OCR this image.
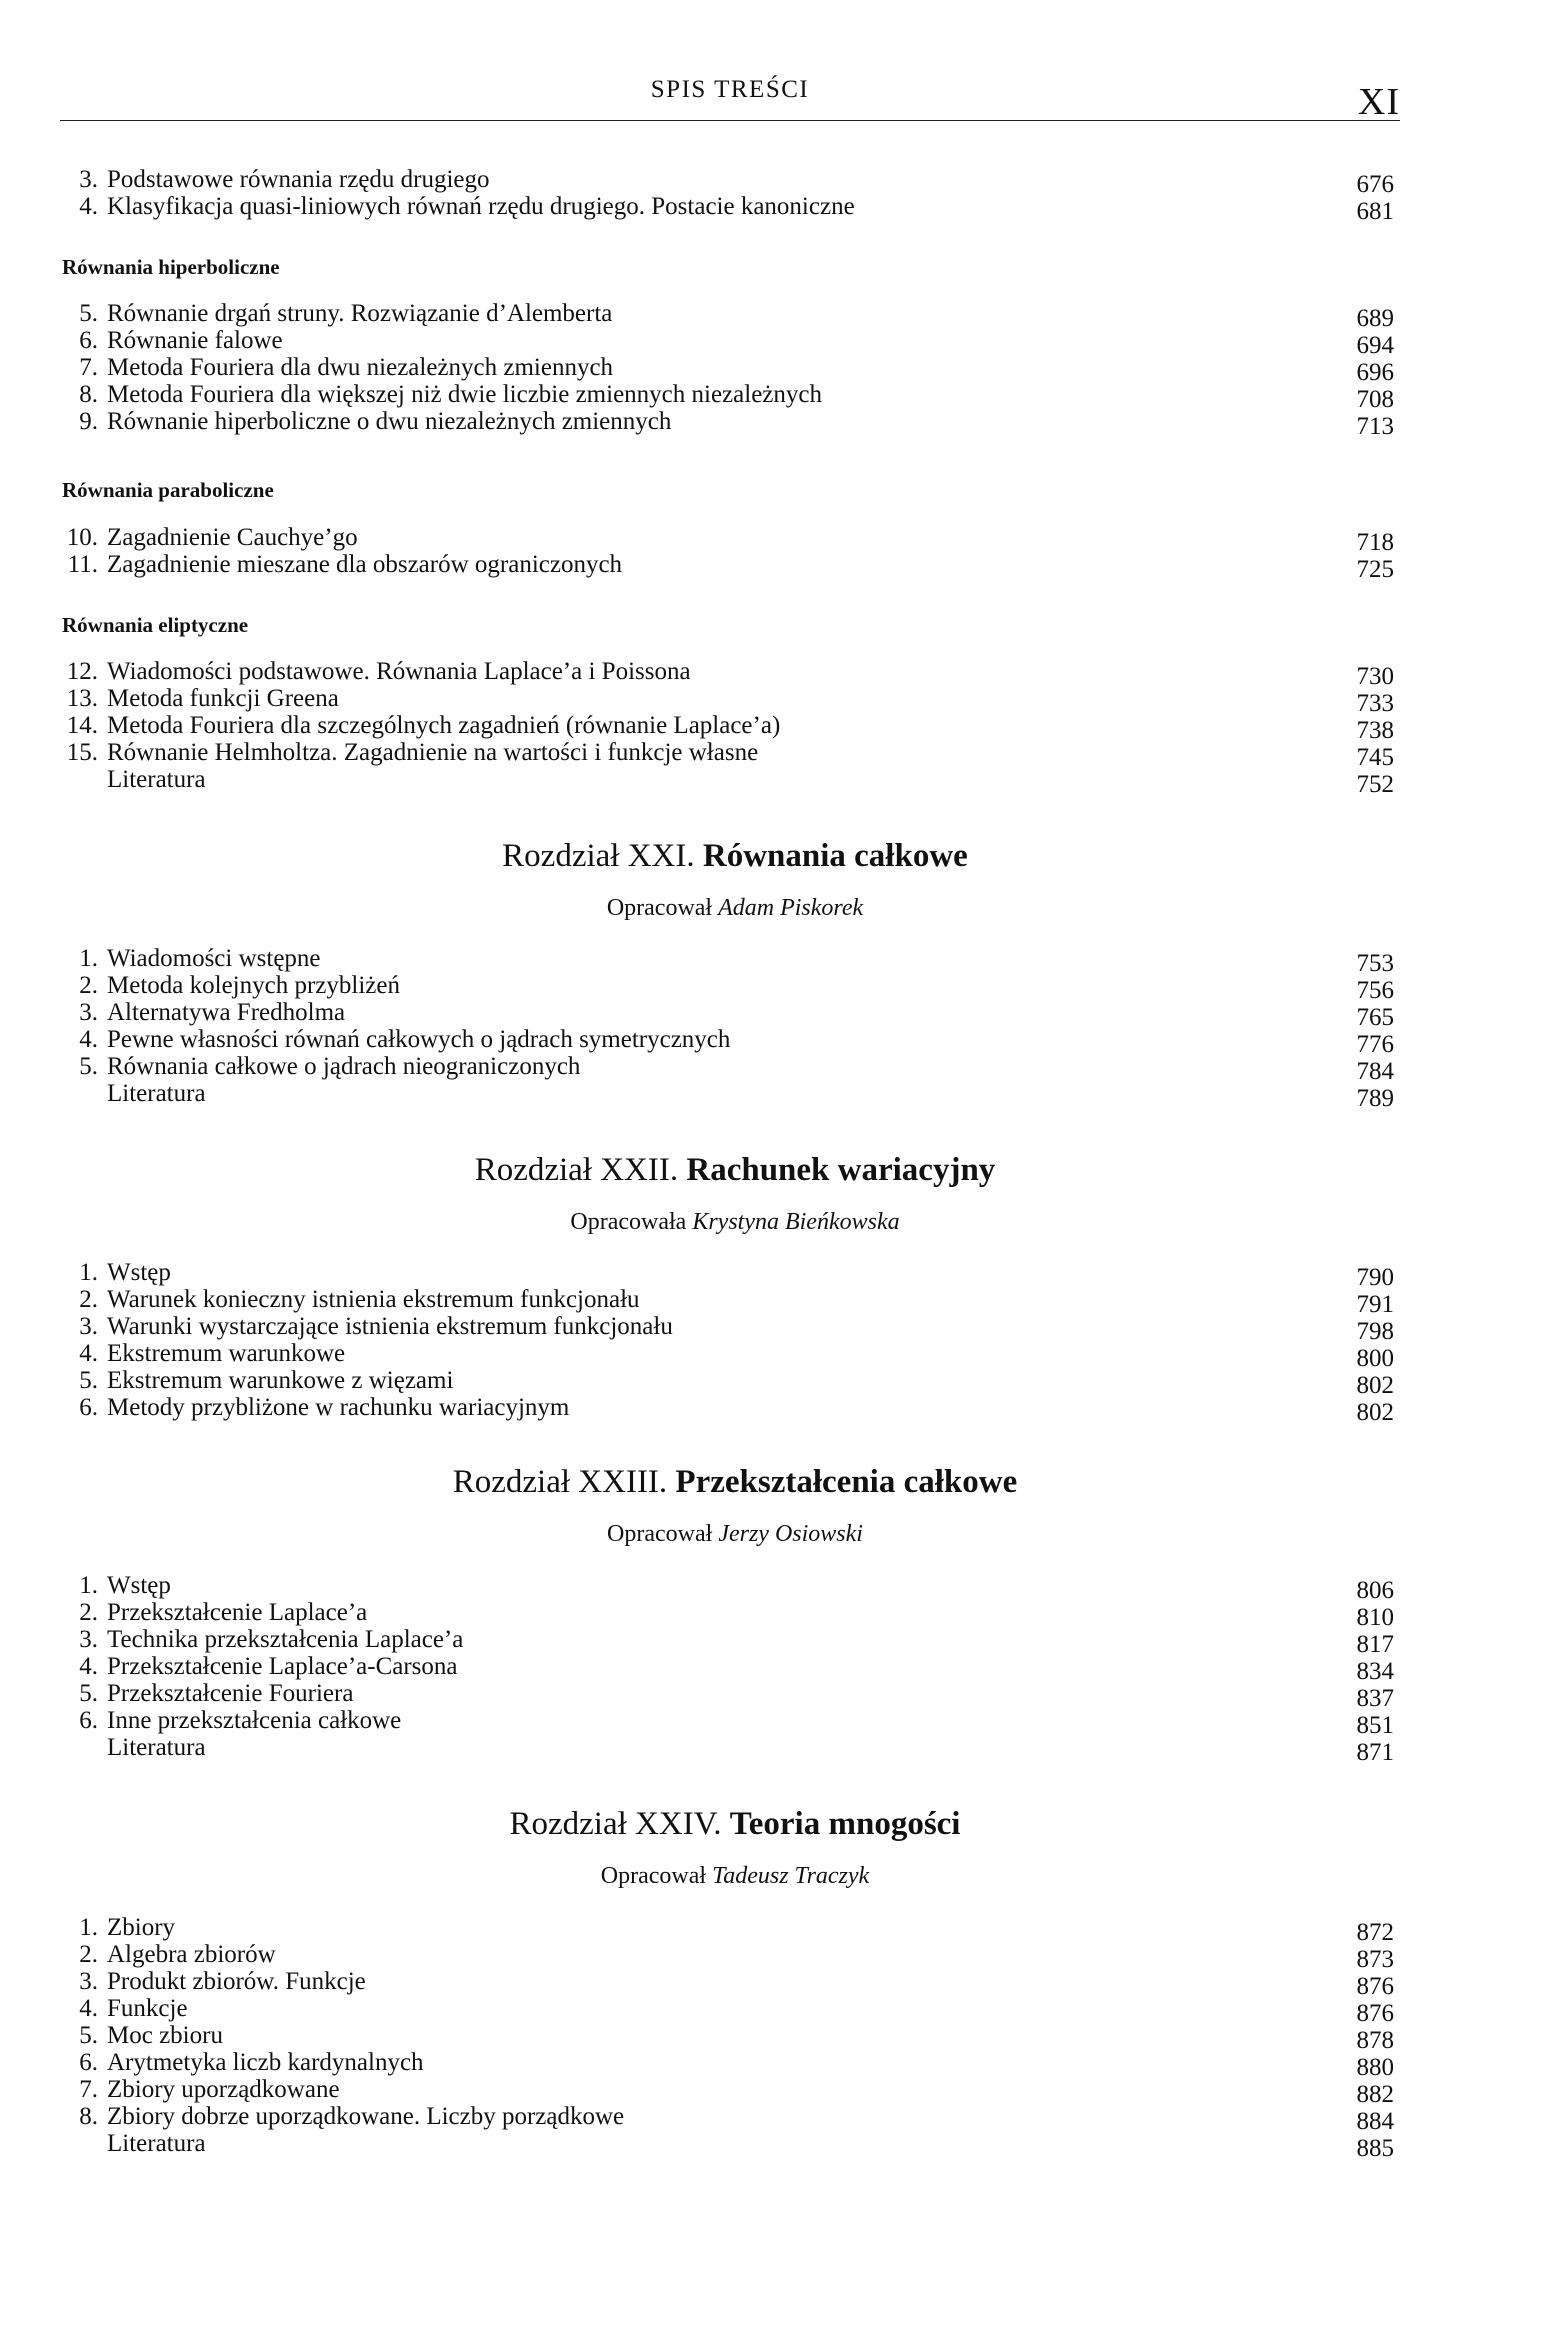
SPIS TREŚCI	XI
3. Podstawowe równania rzędu drugiego	676
4. Klasyfikacja quasi-liniowych równań rzędu drugiego. Postacie kanoniczne	681
Równania hiperboliczne
5. Równanie drgań struny. Rozwiązanie d’Alemberta	689
6. Równanie falowe	694
7. Metoda Fouriera dla dwu niezależnych zmiennych	696
8. Metoda Fouriera dla większej niż dwie liczbie zmiennych niezależnych	708
9. Równanie hiperboliczne o dwu niezależnych zmiennych	713
Równania paraboliczne
10. Zagadnienie Cauchye’go	718
11. Zagadnienie mieszane dla obszarów ograniczonych	725
Równania eliptyczne
12. Wiadomości podstawowe. Równania Laplace’a i Poissona	730
13. Metoda funkcji Greena	733
14. Metoda Fouriera dla szczególnych zagadnień (równanie Laplace’a)	738
15. Równanie Helmholtza. Zagadnienie na wartości i funkcje własne	745
Literatura	752
Rozdział XXI. Równania całkowe
Opracował Adam Piskorek
1. Wiadomości wstępne	753
2. Metoda kolejnych przybliżeń	756
3. Alternatywa Fredholma	765
4. Pewne własności równań całkowych o jądrach symetrycznych	776
5. Równania całkowe o jądrach nieograniczonych	784
Literatura	789
Rozdział XXII. Rachunek wariacyjny
Opracowała Krystyna Bieńkowska
1. Wstęp	790
2. Warunek konieczny istnienia ekstremum funkcjonału	791
3. Warunki wystarczające istnienia ekstremum funkcjonału	798
4. Ekstremum warunkowe	800
5. Ekstremum warunkowe z więzami	802
6. Metody przybliżone w rachunku wariacyjnym	802
Rozdział XXIII. Przekształcenia całkowe
Opracował Jerzy Osiowski
1. Wstęp	806
2. Przekształcenie Laplace’a	810
3. Technika przekształcenia Laplace’a	817
4. Przekształcenie Laplace’a-Carsona	834
5. Przekształcenie Fouriera	837
6. Inne przekształcenia całkowe	851
Literatura	871
Rozdział XXIV. Teoria mnogości
Opracował Tadeusz Traczyk
1. Zbiory	872
2. Algebra zbiorów	873
3. Produkt zbiorów. Funkcje	876
4. Funkcje	876
5. Moc zbioru	878
6. Arytmetyka liczb kardynalnych	880
7. Zbiory uporządkowane	882
8. Zbiory dobrze uporządkowane. Liczby porządkowe	884
Literatura	885
